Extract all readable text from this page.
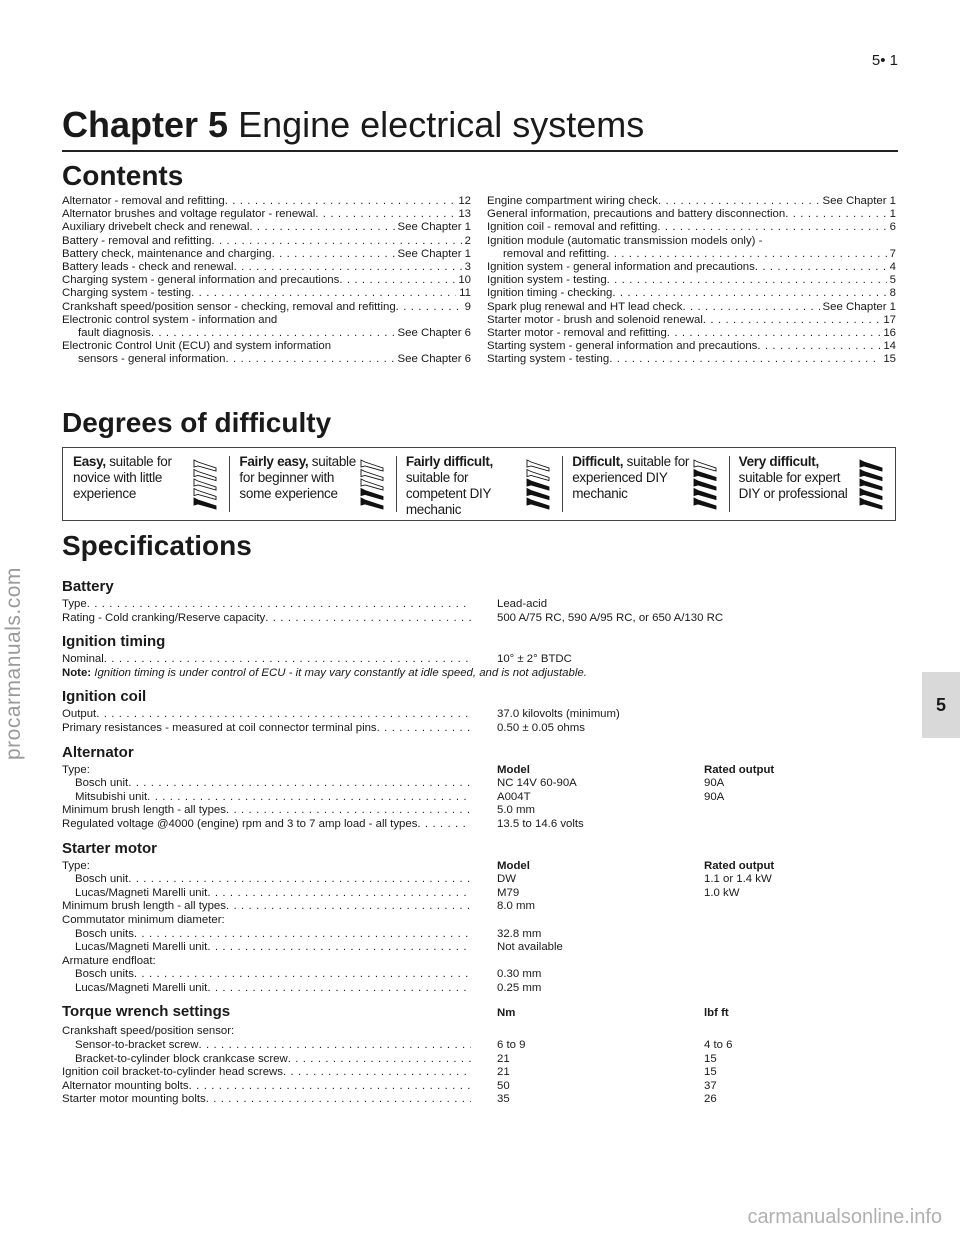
5• 1
5
procarmanuals.com
carmanualsonline.info
Chapter 5 Engine electrical systems
Contents
Alternator - removal and refitting . . .	12
Alternator brushes and voltage regulator - renewal . . .	13
Auxiliary drivebelt check and renewal . . .	See Chapter 1
Battery - removal and refitting . . .	2
Battery check, maintenance and charging . . .	See Chapter 1
Battery leads - check and renewal . . .	3
Charging system - general information and precautions . . .	10
Charging system - testing . . .	11
Crankshaft speed/position sensor - checking, removal and refitting . . .	9
Electronic control system - information and
fault diagnosis . . .	See Chapter 6
Electronic Control Unit (ECU) and system information
sensors - general information . . .	See Chapter 6
Engine compartment wiring check . . .	See Chapter 1
General information, precautions and battery disconnection . . .	1
Ignition coil - removal and refitting . . .	6
Ignition module (automatic transmission models only) -
removal and refitting . . .	7
Ignition system - general information and precautions . . .	4
Ignition system - testing . . .	5
Ignition timing - checking . . .	8
Spark plug renewal and HT lead check . . .	See Chapter 1
Starter motor - brush and solenoid renewal . . .	17
Starter motor - removal and refitting . . .	16
Starting system - general information and precautions . . .	14
Starting system - testing . . .	15
Degrees of difficulty
Easy, suitable for novice with little experience
Fairly easy, suitable for beginner with some experience
Fairly difficult, suitable for competent DIY mechanic
Difficult, suitable for experienced DIY mechanic
Very difficult, suitable for expert DIY or professional
Specifications
Battery
Type . . .	Lead-acid
Rating - Cold cranking/Reserve capacity . . .	500 A/75 RC, 590 A/95 RC, or 650 A/130 RC
Ignition timing
Nominal . . .	10° ± 2° BTDC
Note: Ignition timing is under control of ECU - it may vary constantly at idle speed, and is not adjustable.
Ignition coil
Output . . .	37.0 kilovolts (minimum)
Primary resistances - measured at coil connector terminal pins . . .	0.50 ± 0.05 ohms
Alternator
Type:	Model	Rated output
Bosch unit . . .	NC 14V 60-90A	90A
Mitsubishi unit . . .	A004T	90A
Minimum brush length - all types . . .	5.0 mm
Regulated voltage @4000 (engine) rpm and 3 to 7 amp load - all types . . .	13.5 to 14.6 volts
Starter motor
Type:	Model	Rated output
Bosch unit . . .	DW	1.1 or 1.4 kW
Lucas/Magneti Marelli unit . . .	M79	1.0 kW
Minimum brush length - all types . . .	8.0 mm
Commutator minimum diameter:
Bosch units . . .	32.8 mm
Lucas/Magneti Marelli unit . . .	Not available
Armature endfloat:
Bosch units . . .	0.30 mm
Lucas/Magneti Marelli unit . . .	0.25 mm
Torque wrench settings	Nm	lbf ft
Crankshaft speed/position sensor:
Sensor-to-bracket screw . . .	6 to 9	4 to 6
Bracket-to-cylinder block crankcase screw . . .	21	15
Ignition coil bracket-to-cylinder head screws . . .	21	15
Alternator mounting bolts . . .	50	37
Starter motor mounting bolts . . .	35	26
